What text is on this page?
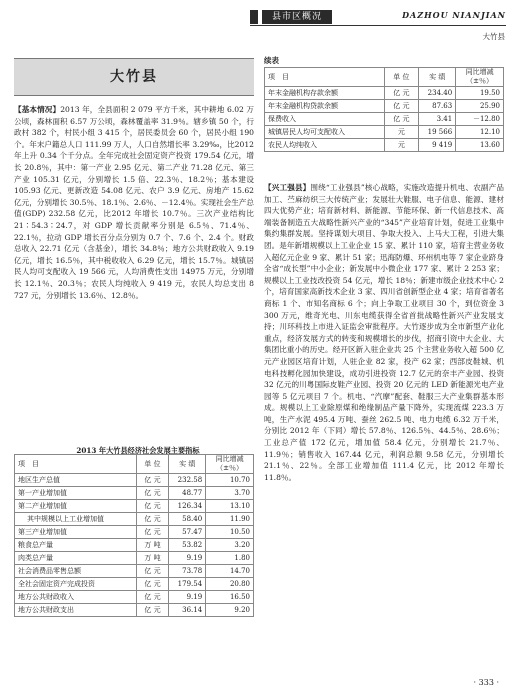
县市区概况	DAZHOU NIANJIAN
大竹县
大竹县
【基本情况】2013 年，全县面积 2 079 平方千米，其中耕地 6.02 万公顷，森林面积 6.57 万公顷，森林覆盖率 31.9％。辖乡镇 50 个，行政村 382 个，村民小组 3 415 个，居民委员会 60 个，居民小组 190 个。年末户籍总人口 111.99 万人，人口自然增长率 3.29‰，比2012 年上升 0.34 个千分点。全年完成社会固定资产投资 179.54 亿元，增长 20.8％，其中：第一产业 2.95 亿元、第二产业 71.28 亿元、第三产业 105.31 亿元，分别增长 1.5 倍、22.3％、18.2％；基本建设 105.93 亿元、更新改造 54.08 亿元、农户 3.9 亿元、房地产 15.62 亿元，分别增长 30.5％、18.1％、2.6％、－12.4％。实现社会生产总值(GDP) 232.58 亿元，比2012 年增长 10.7％。三次产业结构比 21∶54.3∶24.7，对 GDP 增长贡献率分别是 6.5％、71.4％、22.1％，拉动 GDP 增长百分点分别为 0.7 个、7.6 个、2.4 个。财政总收入 22.71 亿元（含基金），增长 34.8％；地方公共财政收入 9.19 亿元，增长 16.5％，其中税收收入 6.29 亿元，增长 15.7％。城镇居民人均可支配收入 19 566 元，人均消费性支出 14975 万元，分别增长 12.1％、20.3％；农民人均纯收入 9 419 元，农民人均总支出 8 727 元，分别增长 13.6％、12.8％。
2013 年大竹县经济社会发展主要指标
项　目	单 位	实 绩	同比增减
（±％）
地区生产总值	亿 元	232.58	10.70
第一产业增加值	亿 元	48.77	3.70
第二产业增加值	亿 元	126.34	13.10
其中规模以上工业增加值	亿 元	58.40	11.90
第三产业增加值	亿 元	57.47	10.50
粮食总产量	万 吨	53.82	3.20
肉类总产量	万 吨	9.19	1.80
社会消费品零售总额	亿 元	73.78	14.70
全社会固定资产完成投资	亿 元	179.54	20.80
地方公共财政收入	亿 元	9.19	16.50
地方公共财政支出	亿 元	36.14	9.20
续表
项　目	单 位	实 绩	同比增减
（±％）
年末金融机构存款余额	亿 元	234.40	19.50
年末金融机构贷款余额	亿 元	87.63	25.90
保费收入	亿 元	3.41	－12.80
城镇居民人均可支配收入	元	19 566	12.10
农民人均纯收入	元	9 419	13.60
【兴工强县】围绕“工业强县”核心战略，实施改造提升机电、农副产品加工、苎麻纺织三大传统产业；发展壮大鞋服、电子信息、能源、建材四大优势产业；培育新材料、新能源、节能环保、新一代信息技术、高端装备制造五大战略性新兴产业的“345”产业培育计划，促进工业集中集约集群发展。坚持谋划大项目、争取大投入、上马大工程，引进大集团。是年新增规模以上工业企业 15 家、累计 110 家，培育主营业务收入超亿元企业 9 家、累计 51 家；迅海防爆、环州机电等 7 家企业跻身全省“成长型”中小企业；新发展中小微企业 177 家、累计 2 253 家；规模以上工业技改投资 54 亿元，增长 18％；新建市级企业技术中心 2 个，培育国家高新技术企业 3 家、四川省创新型企业 4 家；培育省著名商标 1 个、市知名商标 6 个；向上争取工业项目 30 个，到位资金 3 300 万元，维奇光电、川东电缆获得全省首批战略性新兴产业发展支持；川环科技上市进入证监会审批程序。大竹逐步成为全市新型产业化重点，经济发展方式的转变和规模增长的步伐，招商引资中大企业、大集团比重小的历史。经开区新入驻企业共 25 个主营业务收入超 500 亿元产业园区培育计划，人驻企业 82 家，投产 62 家；西部皮鞋城、机电科技孵化园加快建设，成功引进投资 12.7 亿元的奈丰产业园、投资 32 亿元的川粤国际皮鞋产业园、投资 20 亿元的 LED 新能源光电产业园等 5 亿元项目 7 个。机电、“汽摩”配套、鞋服三大产业集群基本形成。规模以上工业除原煤和绝缘制品产量下降外，实现流煤 223.3 万吨，生产水泥 495.4 万吨、蚕丝 262.5 吨、电力电缆 6.32 万千米，分别比 2012 年（下同）增长 57.8％、126.5％、44.5％、28.6％；工业总产值 172 亿元，增加值 58.4 亿元，分别增长 21.7％、11.9％；销售收入 167.44 亿元，利润总额 9.58 亿元，分别增长 21.1％、22％。全部工业增加值 111.4 亿元，比 2012 年增长 11.8％。
· 333 ·
